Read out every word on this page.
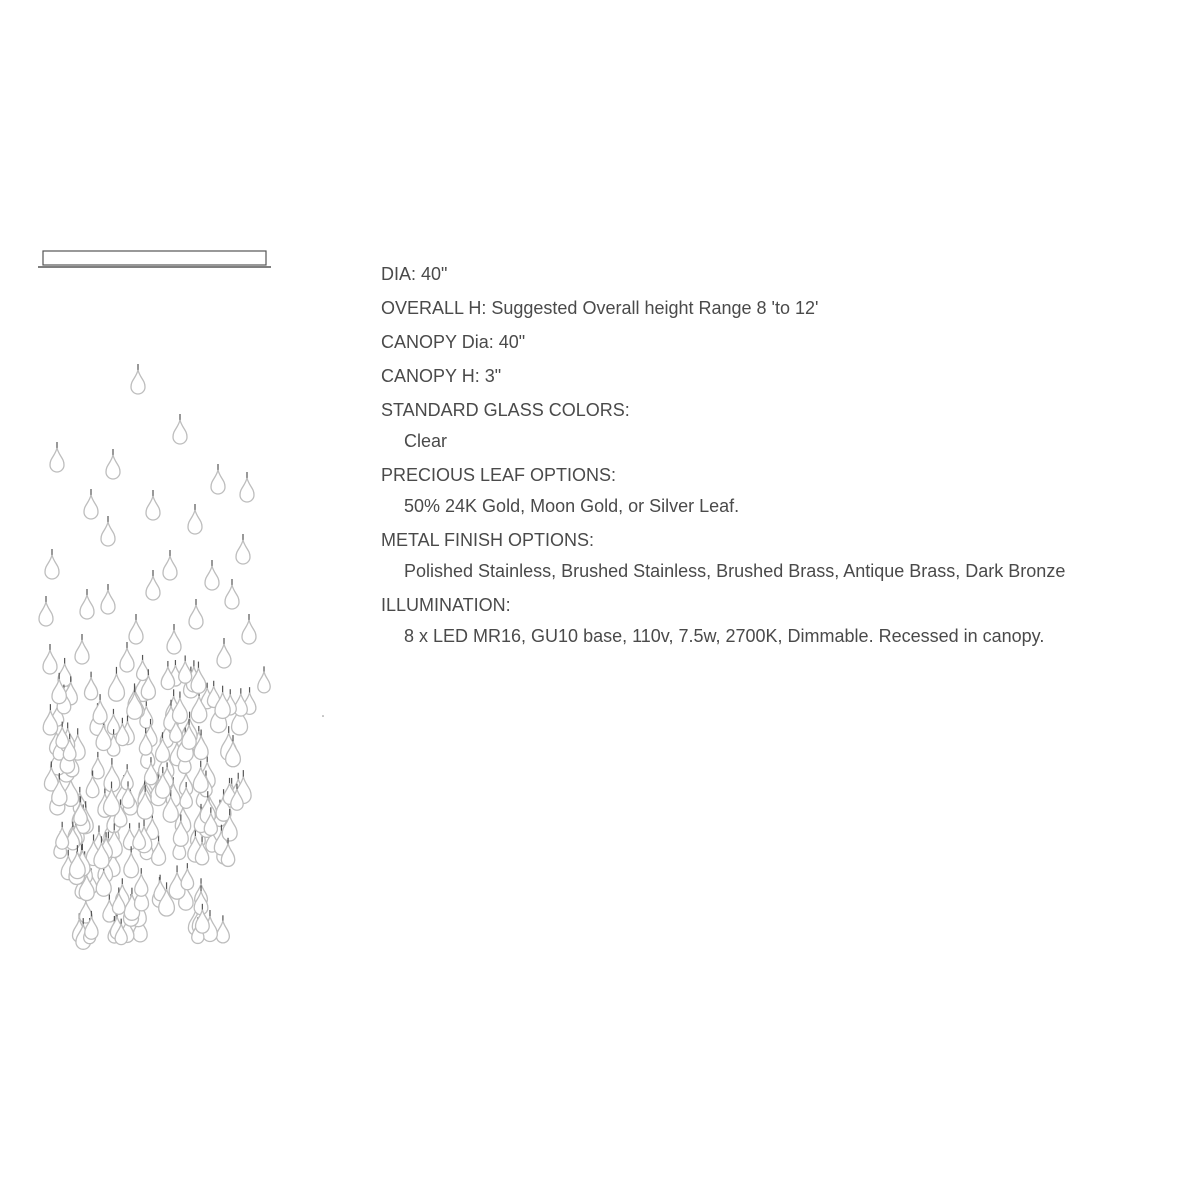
DIA: 40"
OVERALL H: Suggested Overall height Range 8 'to 12'
CANOPY Dia: 40"
CANOPY H: 3"
STANDARD GLASS COLORS:
Clear
PRECIOUS LEAF OPTIONS:
50% 24K Gold, Moon Gold, or Silver Leaf.
METAL FINISH OPTIONS:
Polished Stainless, Brushed Stainless, Brushed Brass, Antique Brass, Dark Bronze
ILLUMINATION:
8 x LED MR16, GU10 base, 110v, 7.5w, 2700K, Dimmable. Recessed in canopy.
